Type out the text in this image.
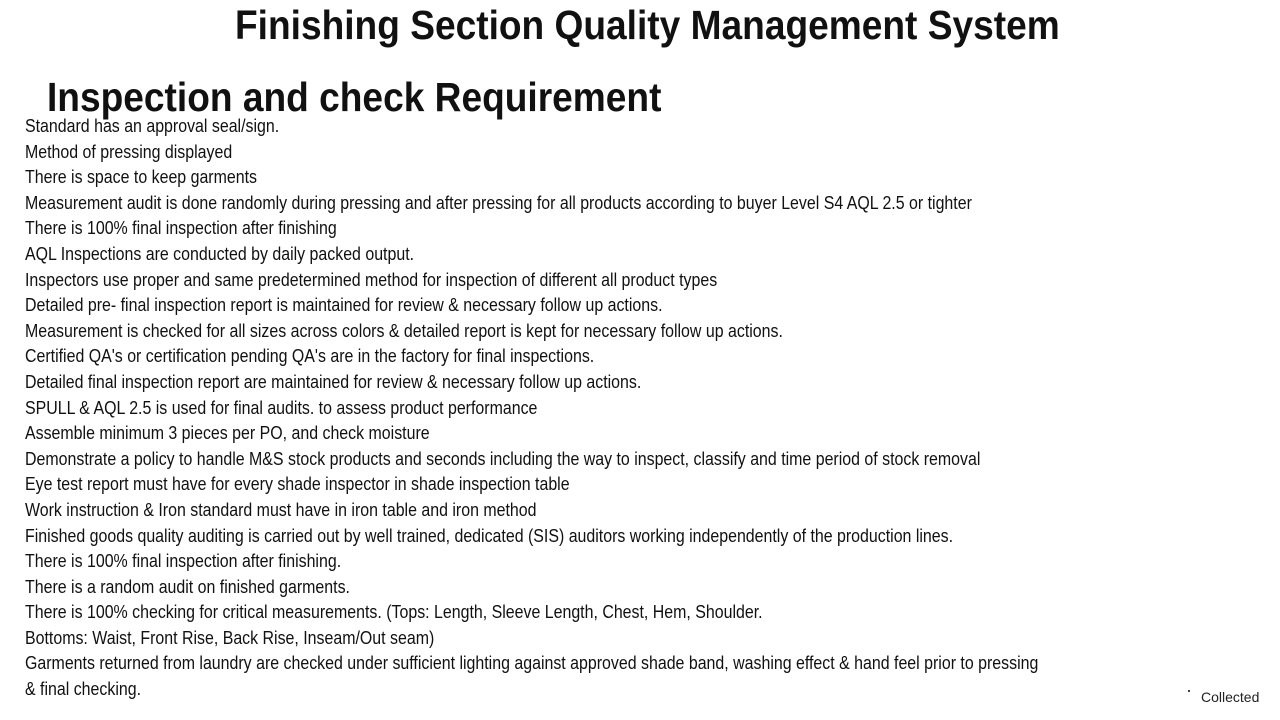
Finishing Section Quality Management System
Inspection and check Requirement
Standard has an approval seal/sign.
Method of pressing displayed
There is space to keep garments
Measurement audit is done randomly during pressing and after pressing for all products according to buyer Level S4 AQL 2.5 or tighter
There is 100% final inspection after finishing
AQL Inspections are conducted by daily packed output.
Inspectors use proper and same predetermined method for inspection of different all product types
Detailed pre- final inspection report is maintained for review & necessary follow up actions.
Measurement is checked for all sizes across colors & detailed report is kept for necessary follow up actions.
Certified QA's or certification pending QA's are in the factory for final inspections.
Detailed final inspection report are maintained for review & necessary follow up actions.
SPULL & AQL 2.5 is used for final audits. to assess product performance
Assemble minimum 3 pieces per PO, and check moisture
Demonstrate a policy to handle M&S stock products and seconds including the way to inspect, classify and time period of stock removal
Eye test report must have for every shade inspector in shade inspection table
Work instruction & Iron standard must have in iron table and iron method
Finished goods quality auditing is carried out by well trained, dedicated (SIS) auditors working independently of the production lines.
There is 100% final inspection after finishing.
There is a random audit on finished garments.
There is 100% checking for critical measurements. (Tops: Length, Sleeve Length, Chest, Hem, Shoulder.
Bottoms: Waist, Front Rise, Back Rise, Inseam/Out seam)
Garments returned from laundry are checked under sufficient lighting against approved shade band, washing effect & hand feel prior to pressing
& final checking.	Collected
